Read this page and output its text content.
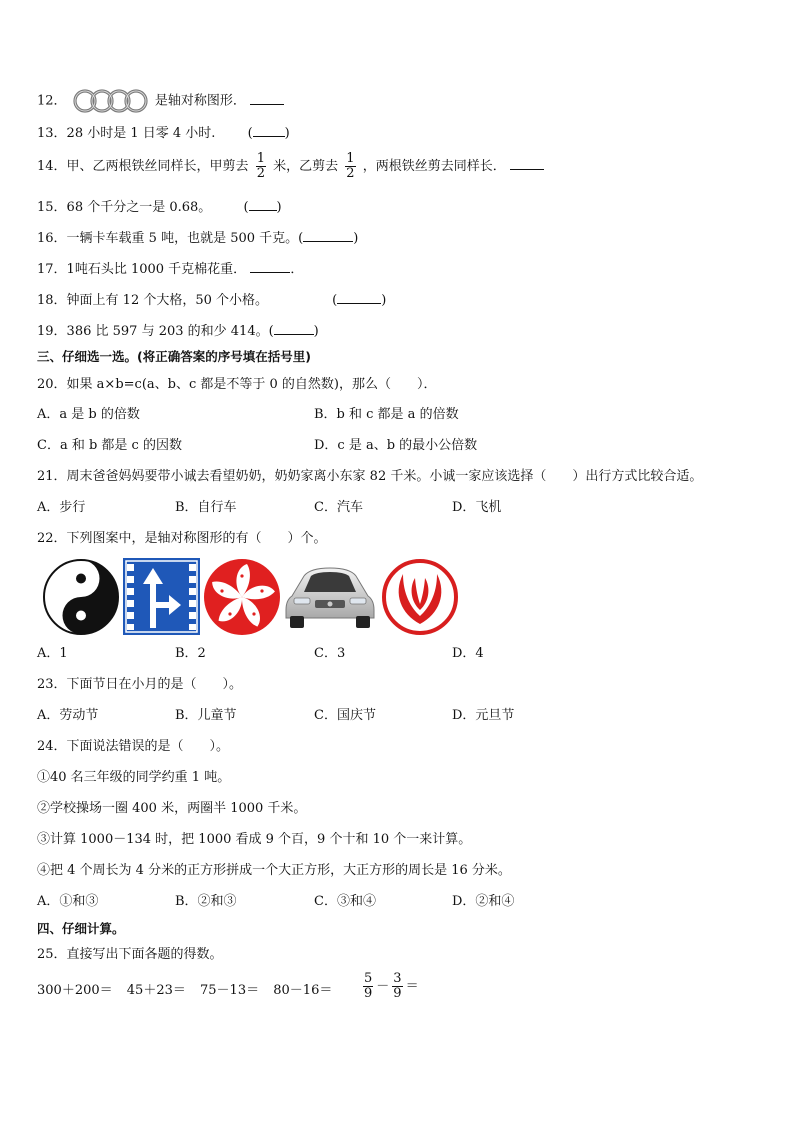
12．	是轴对称图形．
13．28 小时是 1 日零 4 小时. ( )
14．甲、乙两根铁丝同样长，甲剪去 $\frac{1}{2}$ 米，乙剪去 $\frac{1}{2}$ ，两根铁丝剪去同样长．
15．68 个千分之一是 0.68。 ( )
16．一辆卡车载重 5 吨，也就是 500 千克。(	)
17．1吨石头比 1000 千克棉花重．	．
18．钟面上有 12 个大格，50 个小格。	(	)
19．386 比 597 与 203 的和少 414。(	)
三、仔细选一选。(将正确答案的序号填在括号里)
20．如果 a×b=c(a、b、c 都是不等于 0 的自然数)，那么（　　）．
A．a 是 b 的倍数	B．b 和 c 都是 a 的倍数
C．a 和 b 都是 c 的因数	D．c 是 a、b 的最小公倍数
21．周末爸爸妈妈要带小诚去看望奶奶，奶奶家离小东家 82 千米。小诚一家应该选择（　　）出行方式比较合适。
A．步行	B．自行车	C．汽车	D．飞机
22．下列图案中，是轴对称图形的有（　　）个。
A．1	B．2	C．3	D．4
23．下面节日在小月的是（　　）。
A．劳动节	B．儿童节	C．国庆节	D．元旦节
24．下面说法错误的是（　　）。
①40 名三年级的同学约重 1 吨。
②学校操场一圈 400 米，两圈半 1000 千米。
③计算 1000－134 时，把 1000 看成 9 个百，9 个十和 10 个一来计算。
④把 4 个周长为 4 分米的正方形拼成一个大正方形，大正方形的周长是 16 分米。
A．①和③	B．②和③	C．③和④	D．②和④
四、仔细计算。
25．直接写出下面各题的得数。
$300+200= 45+23= 75-13= 80-16= \frac{5}{9} - \frac{3}{9}$ ＝
